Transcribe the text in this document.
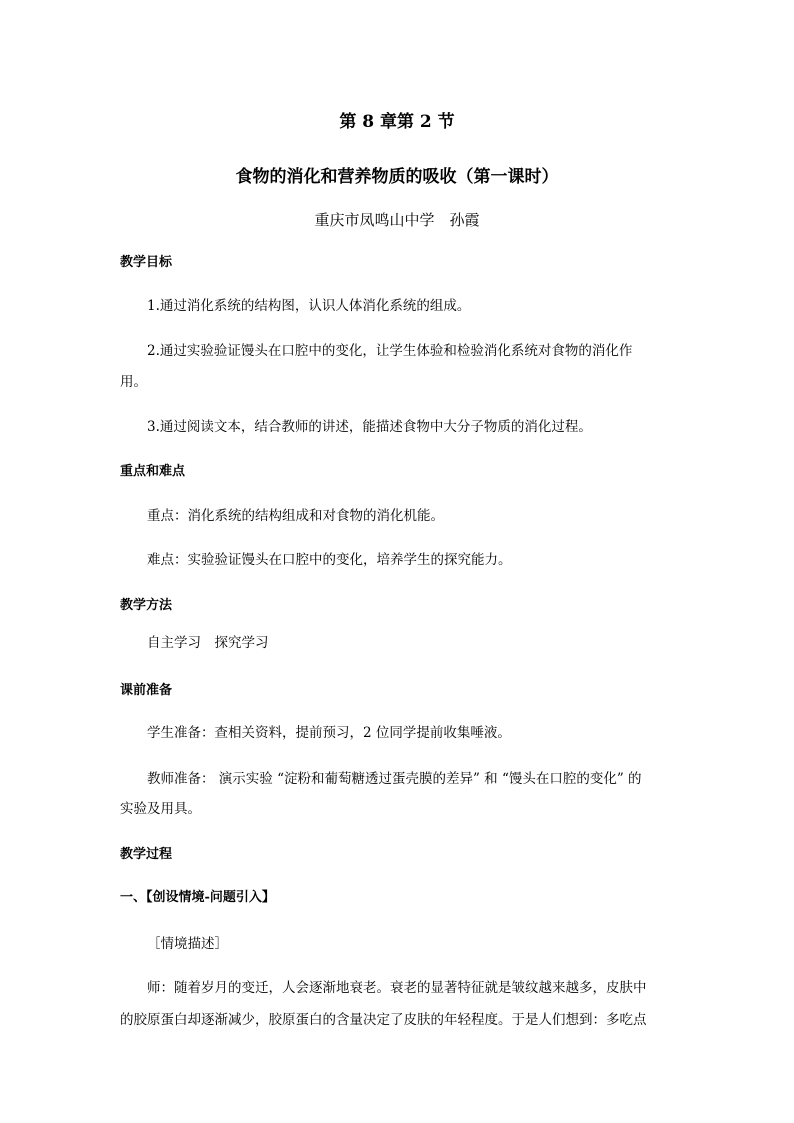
第 8 章第 2 节
食物的消化和营养物质的吸收（第一课时）
重庆市凤鸣山中学　孙霞
教学目标
1.通过消化系统的结构图，认识人体消化系统的组成。
2.通过实验验证馒头在口腔中的变化，让学生体验和检验消化系统对食物的消化作
用。
3.通过阅读文本，结合教师的讲述，能描述食物中大分子物质的消化过程。
重点和难点
重点：消化系统的结构组成和对食物的消化机能。
难点：实验验证馒头在口腔中的变化，培养学生的探究能力。
教学方法
自主学习　探究学习
课前准备
学生准备：查相关资料，提前预习，2 位同学提前收集唾液。
教师准备： 演示实验 “淀粉和葡萄糖透过蛋壳膜的差异” 和 “馒头在口腔的变化” 的
实验及用具。
教学过程
一、【创设情境-问题引入】
［情境描述］
师：随着岁月的变迁，人会逐渐地衰老。衰老的显著特征就是皱纹越来越多，皮肤中
的胶原蛋白却逐渐减少，胶原蛋白的含量决定了皮肤的年轻程度。于是人们想到：多吃点
